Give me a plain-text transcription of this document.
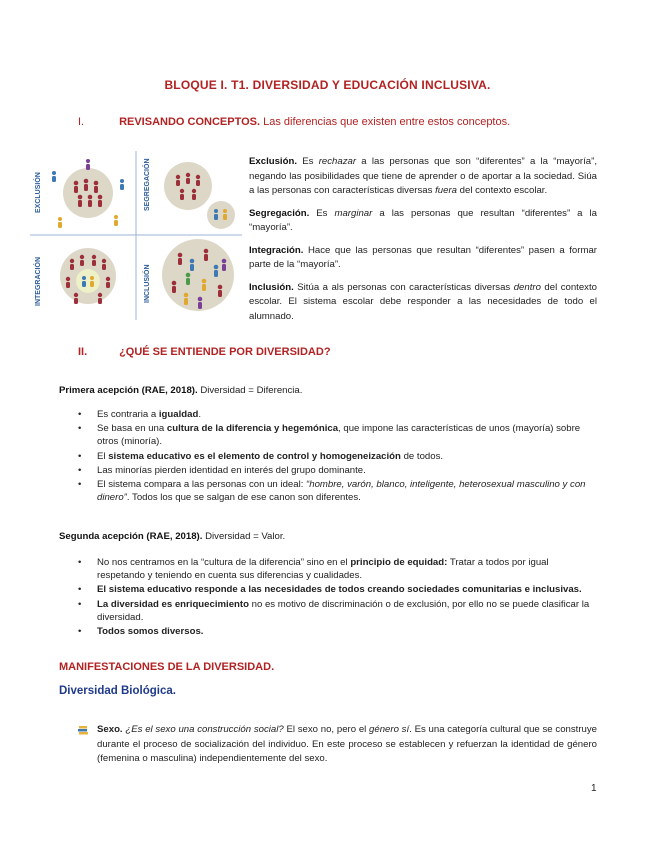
BLOQUE I. T1. DIVERSIDAD Y EDUCACIÓN INCLUSIVA.
I.	REVISANDO CONCEPTOS. Las diferencias que existen entre estos conceptos.
EXCLUSIÓN	SEGREGACIÓN
INTEGRACIÓN	INCLUSIÓN

Exclusión. Es rechazar a las personas que son “diferentes” a la “mayoría”, negando las posibilidades que tiene de aprender o de aportar a la sociedad. Siúa a las personas con características diversas fuera del contexto escolar.

Segregación. Es marginar a las personas que resultan “diferentes” a la “mayoría”.

Integración. Hace que las personas que resultan “diferentes” pasen a formar parte de la “mayoría”.

Inclusión. Sitúa a als personas con características diversas dentro del contexto escolar. El sistema escolar debe responder a las necesidades de todo el alumnado.

II.	¿QUÉ SE ENTIENDE POR DIVERSIDAD?
Primera acepción (RAE, 2018). Diversidad = Diferencia.
• Es contraria a igualdad.
• Se basa en una cultura de la diferencia y hegemónica, que impone las características de unos (mayoría) sobre otros (minoría).
• El sistema educativo es el elemento de control y homogeneización de todos.
• Las minorías pierden identidad en interés del grupo dominante.
• El sistema compara a las personas con un ideal: “hombre, varón, blanco, inteligente, heterosexual masculino y con dinero”. Todos los que se salgan de ese canon son diferentes.
Segunda acepción (RAE, 2018). Diversidad = Valor.
• No nos centramos en la “cultura de la diferencia” sino en el principio de equidad: Tratar a todos por igual respetando y teniendo en cuenta sus diferencias y cualidades.
• El sistema educativo responde a las necesidades de todos creando sociedades comunitarias e inclusivas.
• La diversidad es enriquecimiento no es motivo de discriminación o de exclusión, por ello no se puede clasificar la diversidad.
• Todos somos diversos.
MANIFESTACIONES DE LA DIVERSIDAD.
Diversidad Biológica.

Sexo. ¿Es el sexo una construcción social? El sexo no, pero el género sí. Es una categoría cultural que se construye durante el proceso de socialización del individuo. En este proceso se establecen y refuerzan la identidad de género (femenina o masculina) independientemente del sexo.

1
